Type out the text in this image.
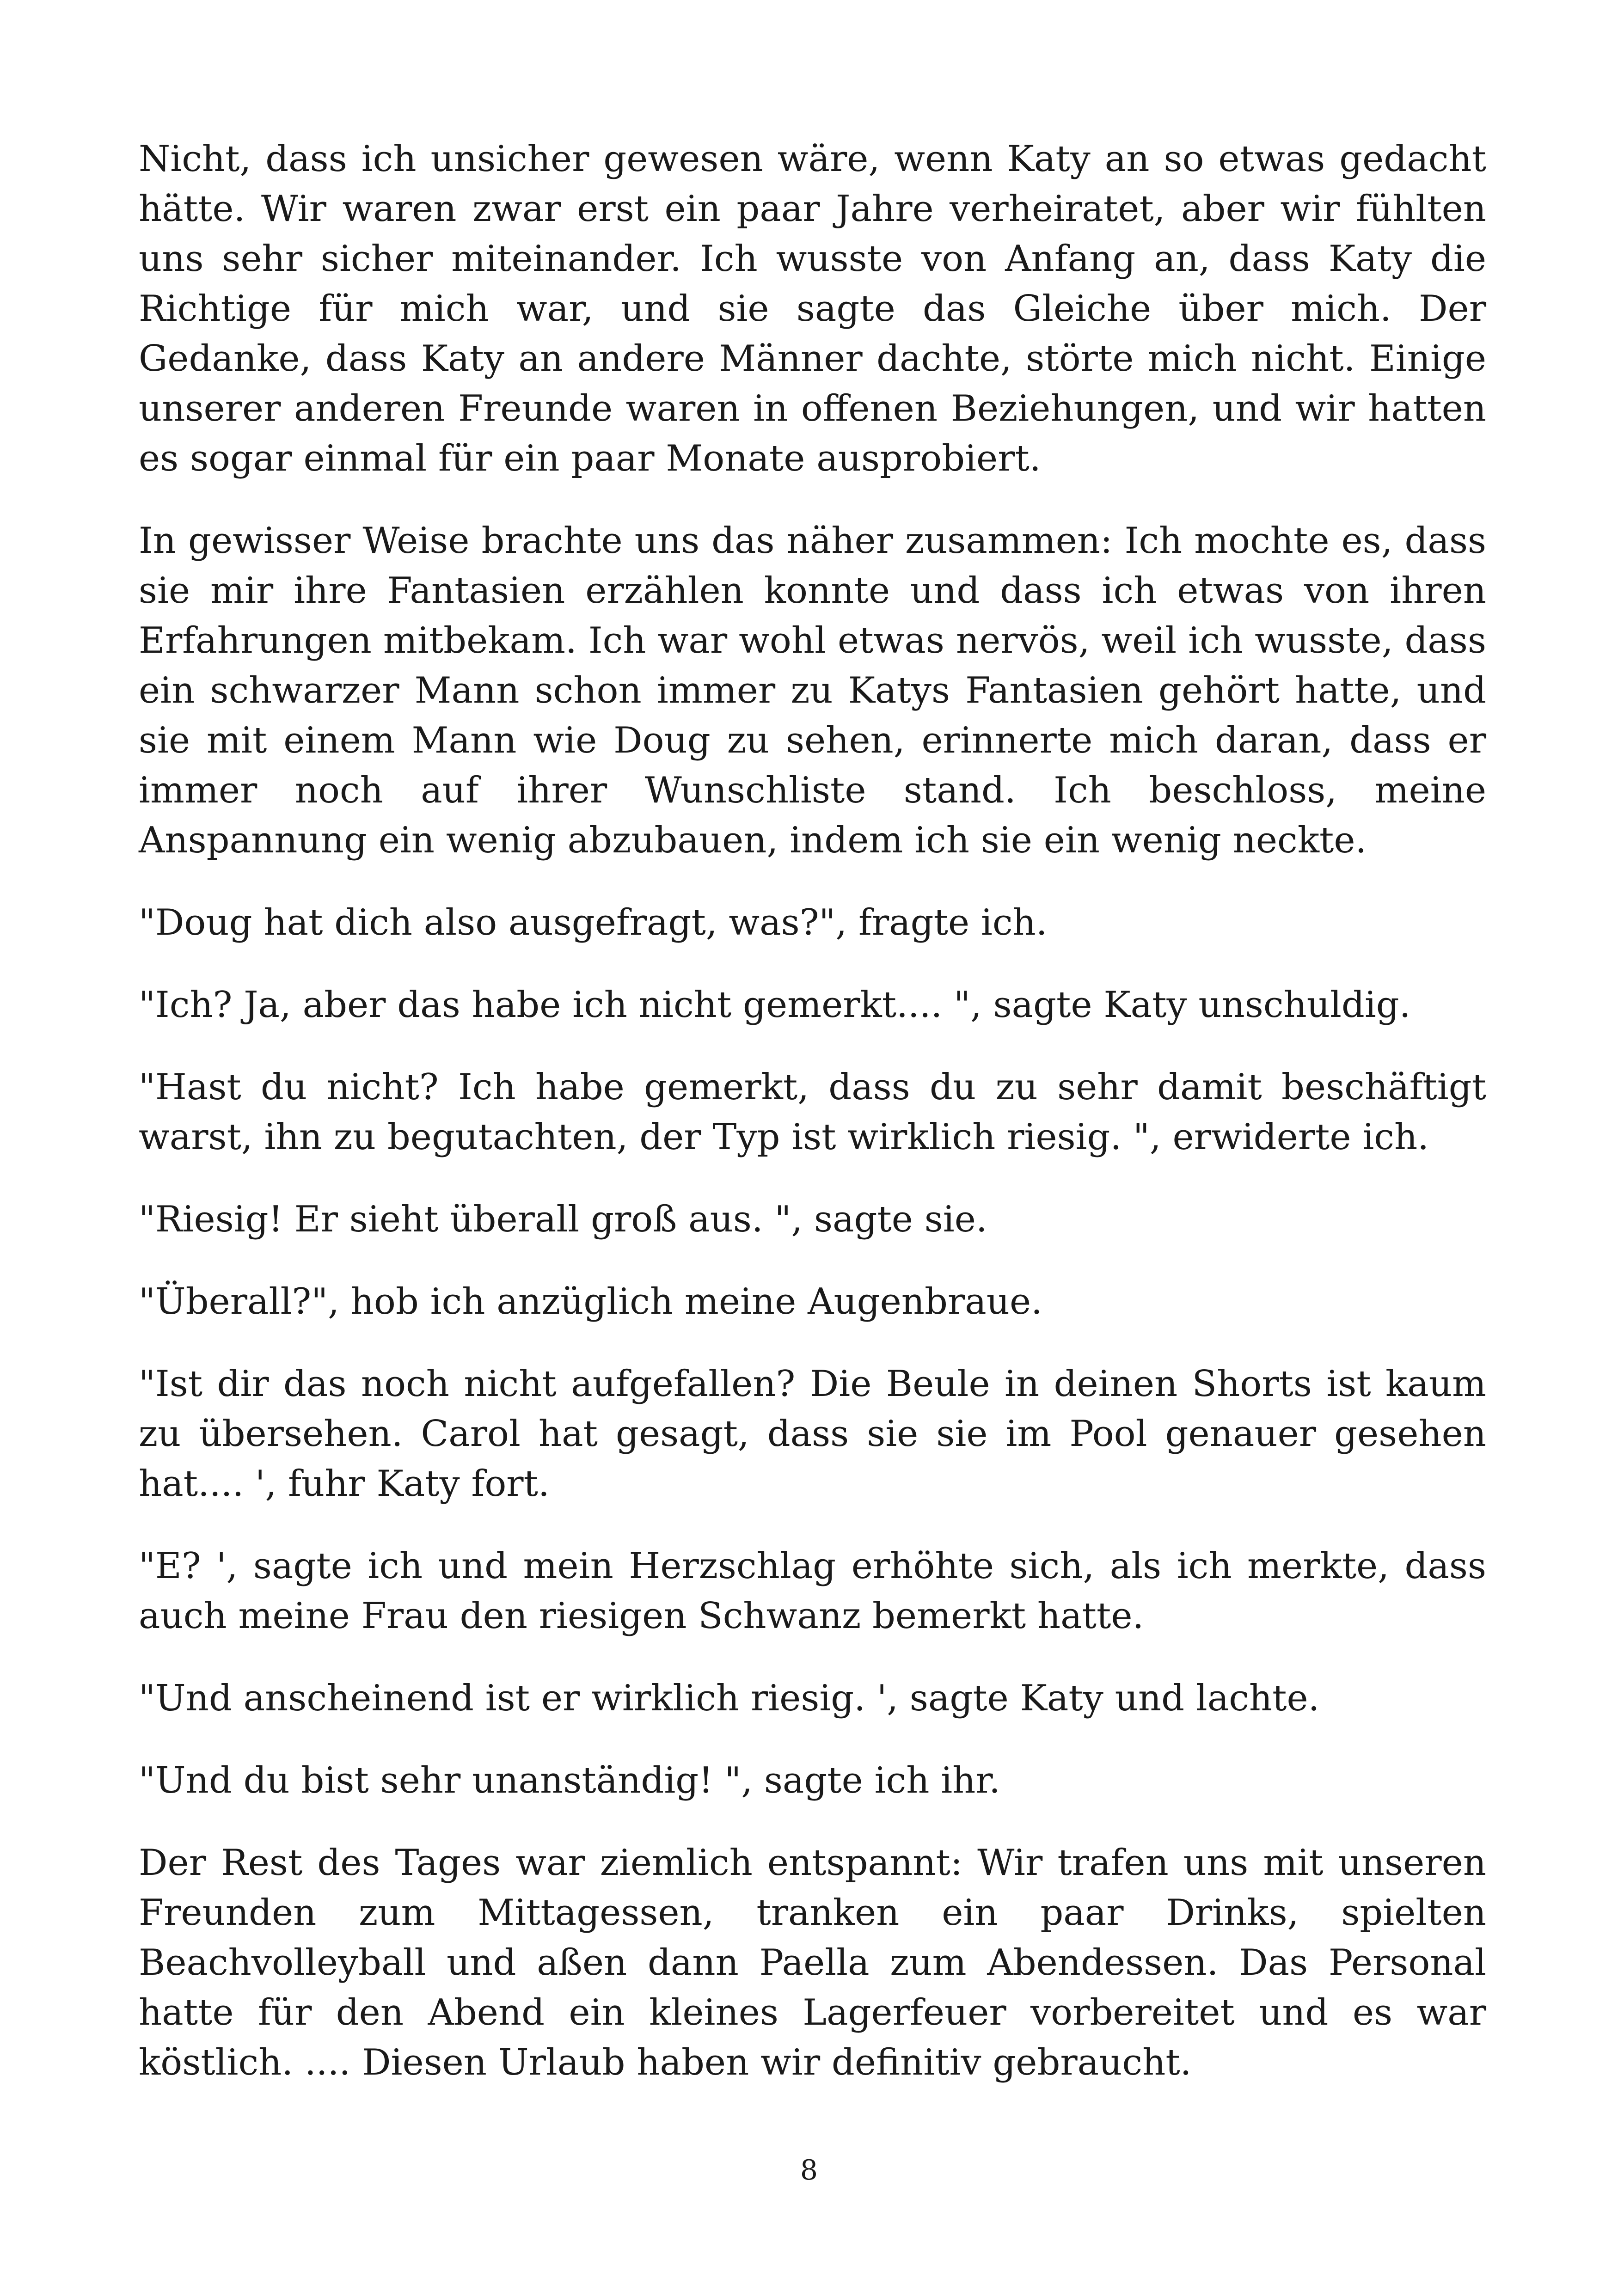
Nicht, dass ich unsicher gewesen wäre, wenn Katy an so etwas gedacht hätte. Wir waren zwar erst ein paar Jahre verheiratet, aber wir fühlten uns sehr sicher miteinander. Ich wusste von Anfang an, dass Katy die Richtige für mich war, und sie sagte das Gleiche über mich. Der Gedanke, dass Katy an andere Männer dachte, störte mich nicht. Einige unserer anderen Freunde waren in offenen Beziehungen, und wir hatten es sogar einmal für ein paar Monate ausprobiert.

In gewisser Weise brachte uns das näher zusammen: Ich mochte es, dass sie mir ihre Fantasien erzählen konnte und dass ich etwas von ihren Erfahrungen mitbekam. Ich war wohl etwas nervös, weil ich wusste, dass ein schwarzer Mann schon immer zu Katys Fantasien gehört hatte, und sie mit einem Mann wie Doug zu sehen, erinnerte mich daran, dass er immer noch auf ihrer Wunschliste stand. Ich beschloss, meine Anspannung ein wenig abzubauen, indem ich sie ein wenig neckte.

"Doug hat dich also ausgefragt, was?", fragte ich.

"Ich? Ja, aber das habe ich nicht gemerkt.... ", sagte Katy unschuldig.

"Hast du nicht? Ich habe gemerkt, dass du zu sehr damit beschäftigt warst, ihn zu begutachten, der Typ ist wirklich riesig. ", erwiderte ich.

"Riesig! Er sieht überall groß aus. ", sagte sie.

"Überall?", hob ich anzüglich meine Augenbraue.

"Ist dir das noch nicht aufgefallen? Die Beule in deinen Shorts ist kaum zu übersehen. Carol hat gesagt, dass sie sie im Pool genauer gesehen hat.... ', fuhr Katy fort.

"E? ', sagte ich und mein Herzschlag erhöhte sich, als ich merkte, dass auch meine Frau den riesigen Schwanz bemerkt hatte.

"Und anscheinend ist er wirklich riesig. ', sagte Katy und lachte.

"Und du bist sehr unanständig! ", sagte ich ihr.

Der Rest des Tages war ziemlich entspannt: Wir trafen uns mit unseren Freunden zum Mittagessen, tranken ein paar Drinks, spielten Beachvolleyball und aßen dann Paella zum Abendessen. Das Personal hatte für den Abend ein kleines Lagerfeuer vorbereitet und es war köstlich. .... Diesen Urlaub haben wir definitiv gebraucht.

8
